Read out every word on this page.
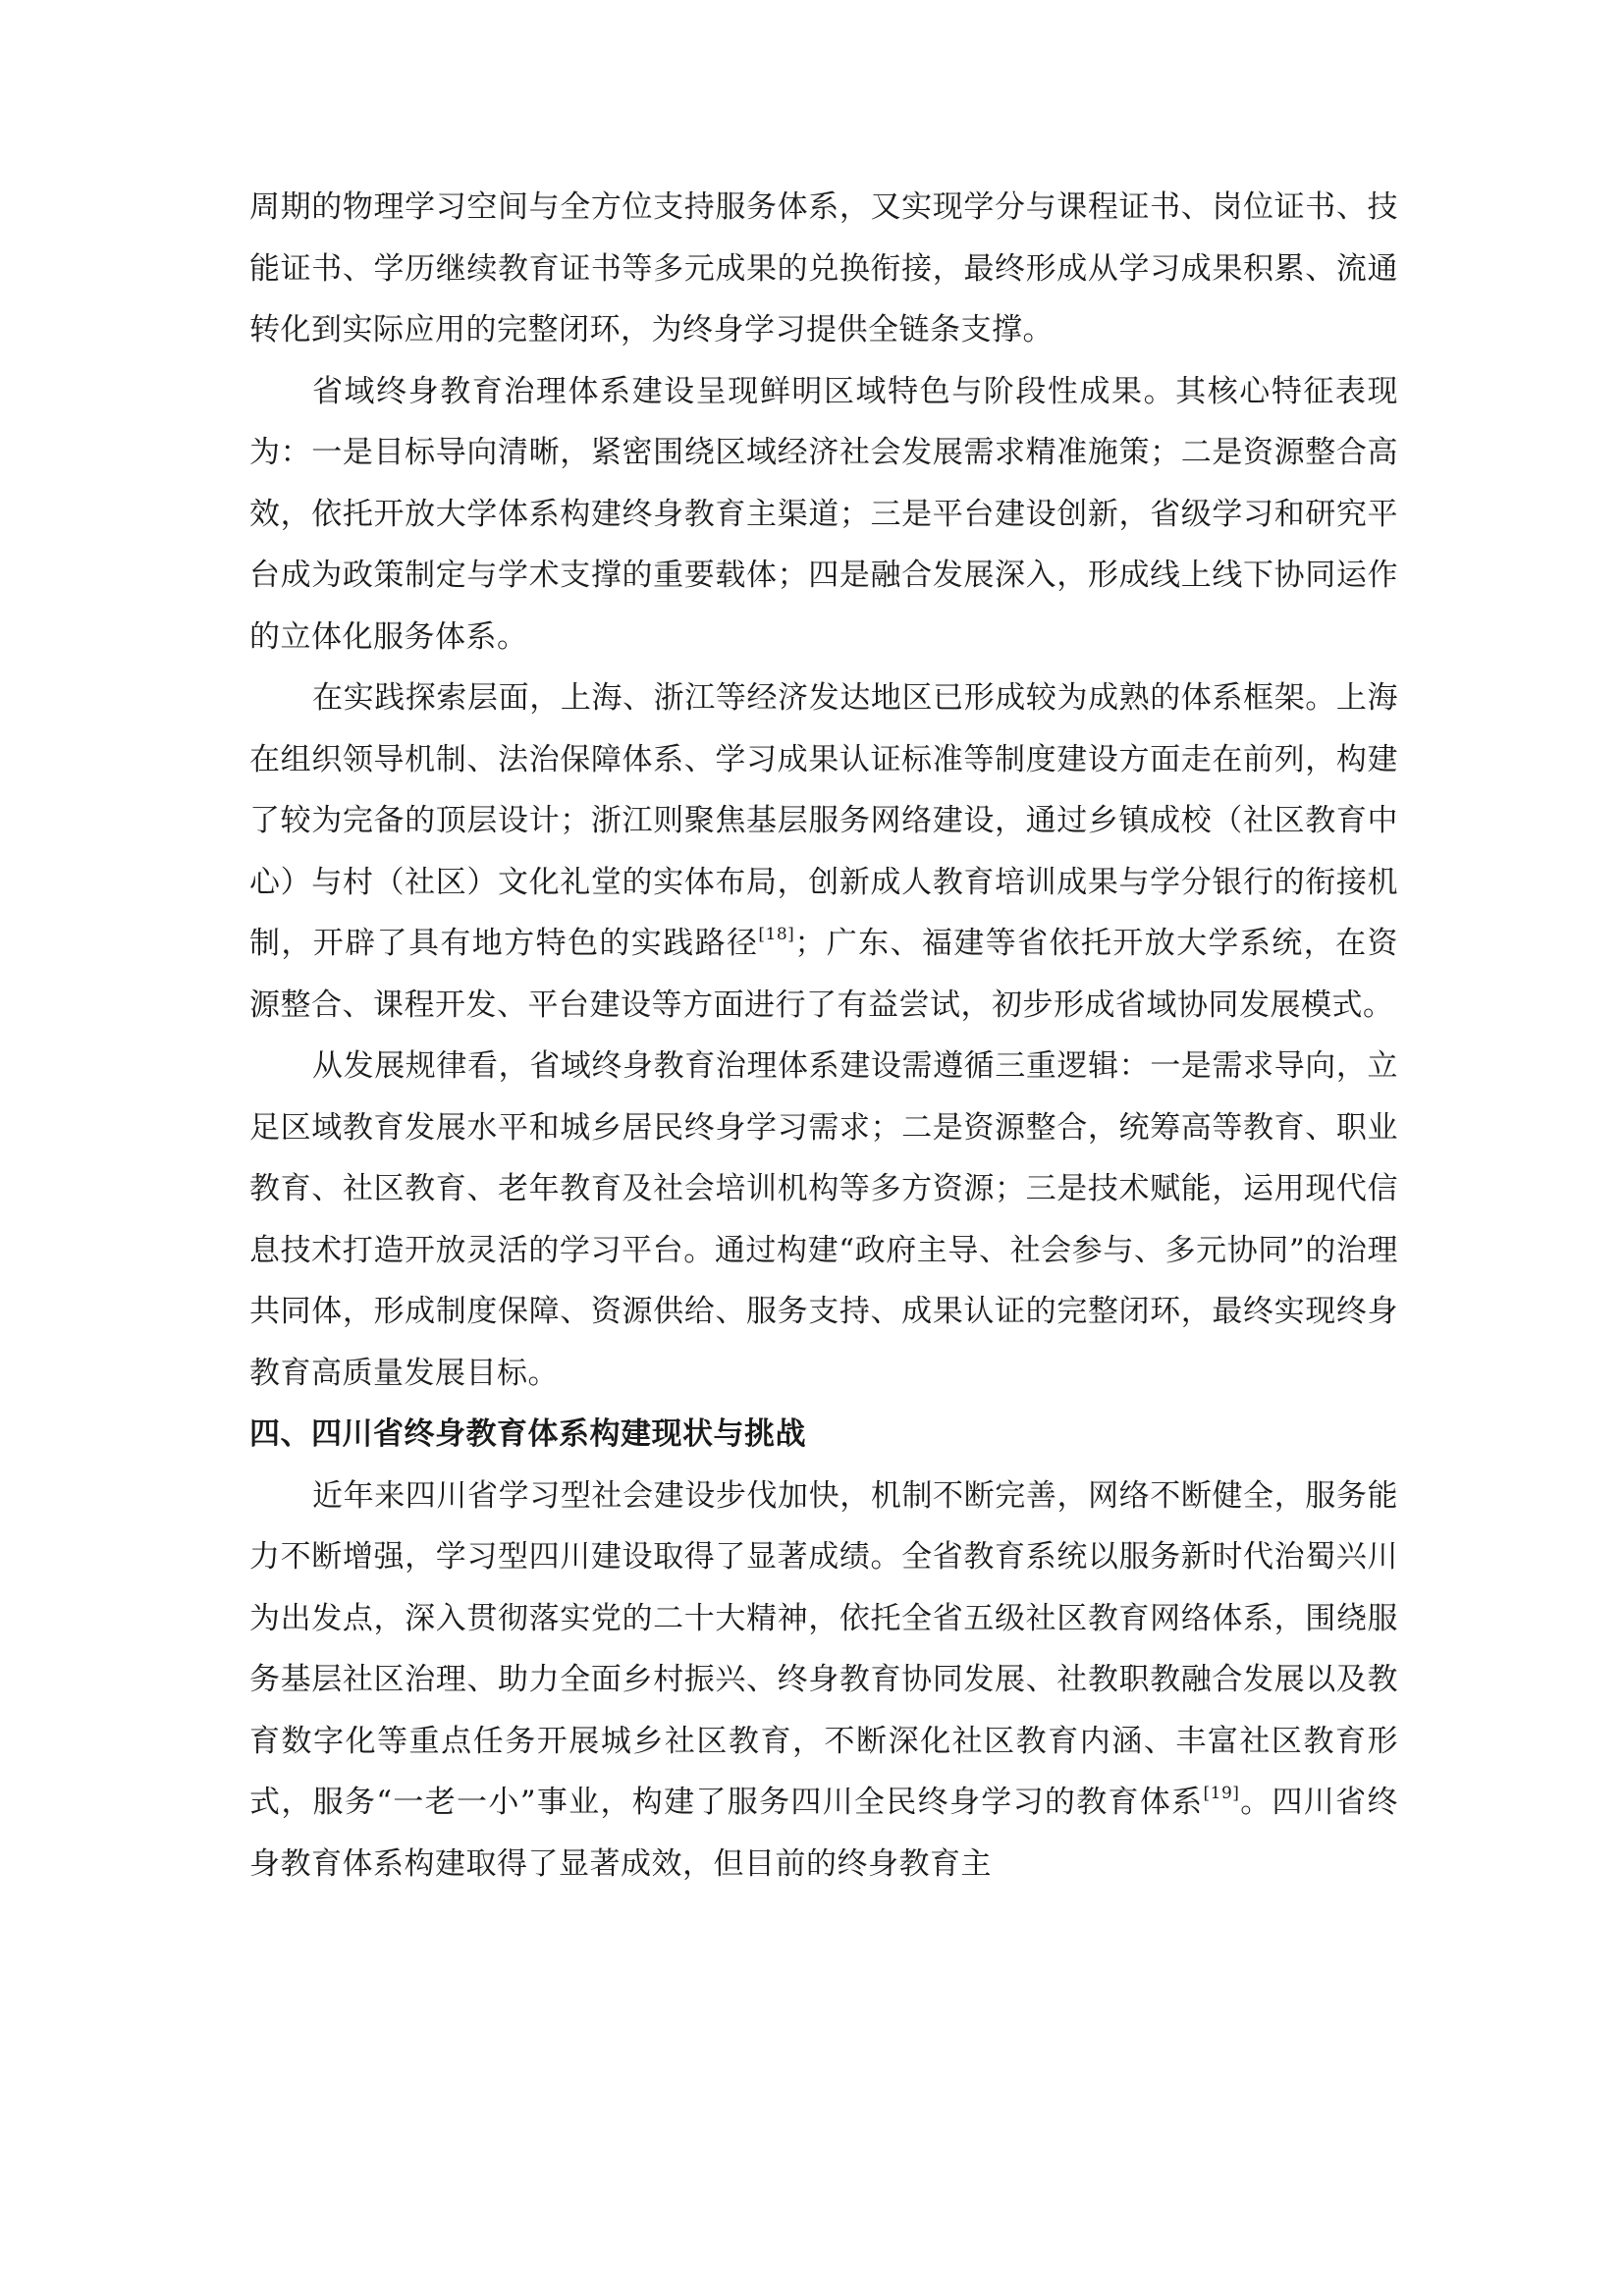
周期的物理学习空间与全方位支持服务体系，又实现学分与课程证书、岗位证书、技能证书、学历继续教育证书等多元成果的兑换衔接，最终形成从学习成果积累、流通转化到实际应用的完整闭环，为终身学习提供全链条支撑。

省域终身教育治理体系建设呈现鲜明区域特色与阶段性成果。其核心特征表现为：一是目标导向清晰，紧密围绕区域经济社会发展需求精准施策；二是资源整合高效，依托开放大学体系构建终身教育主渠道；三是平台建设创新，省级学习和研究平台成为政策制定与学术支撑的重要载体；四是融合发展深入，形成线上线下协同运作的立体化服务体系。

在实践探索层面，上海、浙江等经济发达地区已形成较为成熟的体系框架。上海在组织领导机制、法治保障体系、学习成果认证标准等制度建设方面走在前列，构建了较为完备的顶层设计；浙江则聚焦基层服务网络建设，通过乡镇成校（社区教育中心）与村（社区）文化礼堂的实体布局，创新成人教育培训成果与学分银行的衔接机制，开辟了具有地方特色的实践路径[18]；广东、福建等省依托开放大学系统，在资源整合、课程开发、平台建设等方面进行了有益尝试，初步形成省域协同发展模式。

从发展规律看，省域终身教育治理体系建设需遵循三重逻辑：一是需求导向，立足区域教育发展水平和城乡居民终身学习需求；二是资源整合，统筹高等教育、职业教育、社区教育、老年教育及社会培训机构等多方资源；三是技术赋能，运用现代信息技术打造开放灵活的学习平台。通过构建“政府主导、社会参与、多元协同”的治理共同体，形成制度保障、资源供给、服务支持、成果认证的完整闭环，最终实现终身教育高质量发展目标。

四、四川省终身教育体系构建现状与挑战

近年来四川省学习型社会建设步伐加快，机制不断完善，网络不断健全，服务能力不断增强，学习型四川建设取得了显著成绩。全省教育系统以服务新时代治蜀兴川为出发点，深入贯彻落实党的二十大精神，依托全省五级社区教育网络体系，围绕服务基层社区治理、助力全面乡村振兴、终身教育协同发展、社教职教融合发展以及教育数字化等重点任务开展城乡社区教育，不断深化社区教育内涵、丰富社区教育形式，服务“一老一小”事业，构建了服务四川全民终身学习的教育体系[19]。四川省终身教育体系构建取得了显著成效，但目前的终身教育主
